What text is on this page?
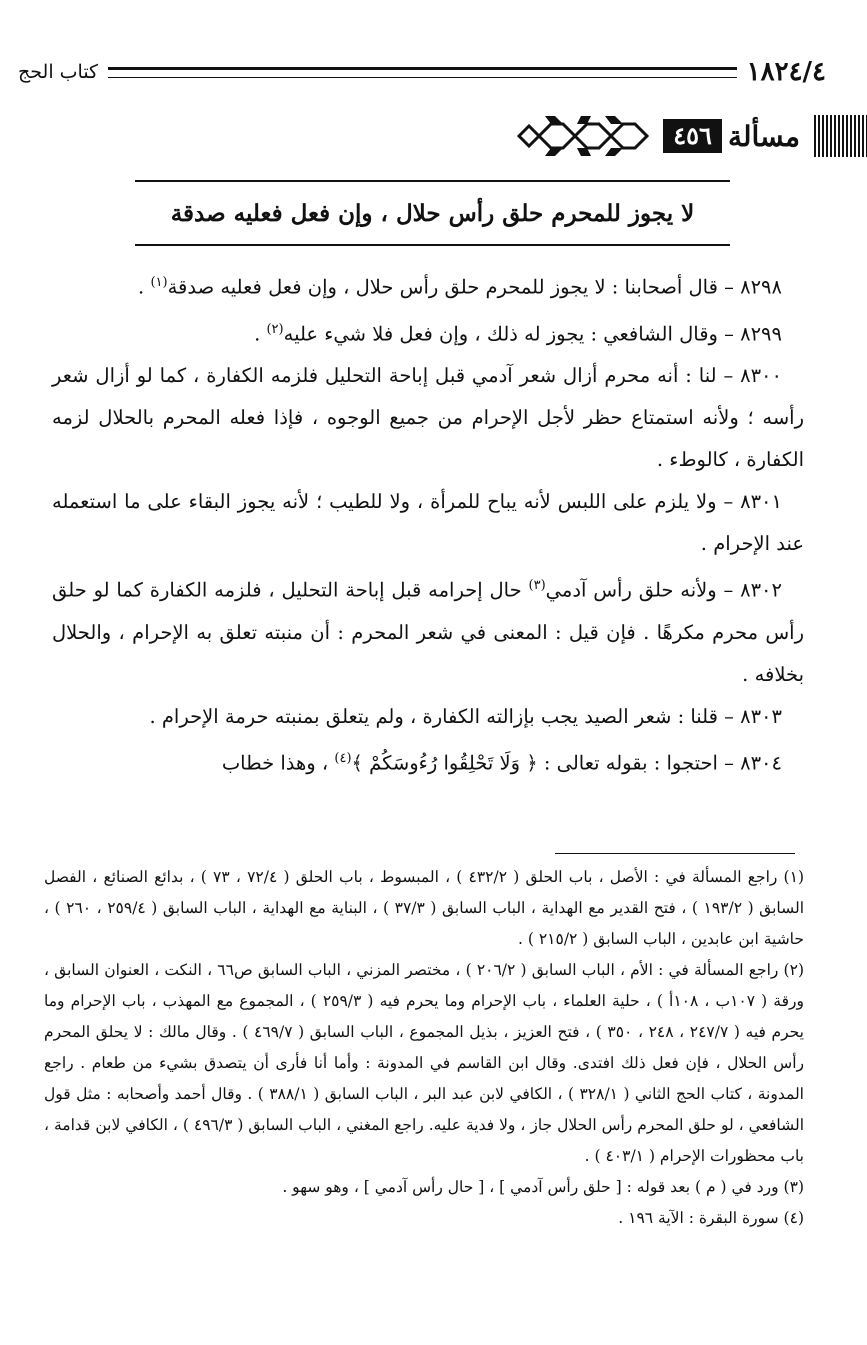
١٨٢٤/٤
كتاب الحج
مسألة
٤٥٦
لا يجوز للمحرم حلق رأس حلال ، وإن فعل فعليه صدقة

٨٢٩٨ – قال أصحابنا : لا يجوز للمحرم حلق رأس حلال ، وإن فعل فعليه صدقة$^{(١)}$ .

٨٢٩٩ – وقال الشافعي : يجوز له ذلك ، وإن فعل فلا شيء عليه$^{(٢)}$ .

٨٣٠٠ – لنا : أنه محرم أزال شعر آدمي قبل إباحة التحليل فلزمه الكفارة ، كما لو أزال شعر رأسه ؛ ولأنه استمتاع حظر لأجل الإحرام من جميع الوجوه ، فإذا فعله المحرم بالحلال لزمه الكفارة ، كالوطء .

٨٣٠١ – ولا يلزم على اللبس لأنه يباح للمرأة ، ولا للطيب ؛ لأنه يجوز البقاء على ما استعمله عند الإحرام .

٨٣٠٢ – ولأنه حلق رأس آدمي$^{(٣)}$ حال إحرامه قبل إباحة التحليل ، فلزمه الكفارة كما لو حلق رأس محرم مكرهًا . فإن قيل : المعنى في شعر المحرم : أن منبته تعلق به الإحرام ، والحلال بخلافه .

٨٣٠٣ – قلنا : شعر الصيد يجب بإزالته الكفارة ، ولم يتعلق بمنبته حرمة الإحرام .

٨٣٠٤ – احتجوا : بقوله تعالى : ﴿ وَلَا تَحْلِقُوا رُءُوسَكُمْ ﴾$^{(٤)}$ ، وهذا خطاب

(١) راجع المسألة في : الأصل ، باب الحلق ( ٤٣٢/٢ ) ، المبسوط ، باب الحلق ( ٧٢/٤ ، ٧٣ ) ، بدائع الصنائع ، الفصل السابق ( ١٩٣/٢ ) ، فتح القدير مع الهداية ، الباب السابق ( ٣٧/٣ ) ، البناية مع الهداية ، الباب السابق ( ٢٥٩/٤ ، ٢٦٠ ) ، حاشية ابن عابدين ، الباب السابق ( ٢١٥/٢ ) .

(٢) راجع المسألة في : الأم ، الباب السابق ( ٢٠٦/٢ ) ، مختصر المزني ، الباب السابق ص٦٦ ، النكت ، العنوان السابق ، ورقة ( ١٠٧ب ، ١٠٨أ ) ، حلية العلماء ، باب الإحرام وما يحرم فيه ( ٢٥٩/٣ ) ، المجموع مع المهذب ، باب الإحرام وما يحرم فيه ( ٢٤٧/٧ ، ٢٤٨ ، ٣٥٠ ) ، فتح العزيز ، بذيل المجموع ، الباب السابق ( ٤٦٩/٧ ) . وقال مالك : لا يحلق المحرم رأس الحلال ، فإن فعل ذلك افتدى. وقال ابن القاسم في المدونة : وأما أنا فأرى أن يتصدق بشيء من طعام . راجع المدونة ، كتاب الحج الثاني ( ٣٢٨/١ ) ، الكافي لابن عبد البر ، الباب السابق ( ٣٨٨/١ ) . وقال أحمد وأصحابه : مثل قول الشافعي ، لو حلق المحرم رأس الحلال جاز ، ولا فدية عليه. راجع المغني ، الباب السابق ( ٤٩٦/٣ ) ، الكافي لابن قدامة ، باب محظورات الإحرام ( ٤٠٣/١ ) .

(٣) ورد في ( م ) بعد قوله : [ حلق رأس آدمي ] ، [ حال رأس آدمي ] ، وهو سهو .

(٤) سورة البقرة : الآية ١٩٦ .
